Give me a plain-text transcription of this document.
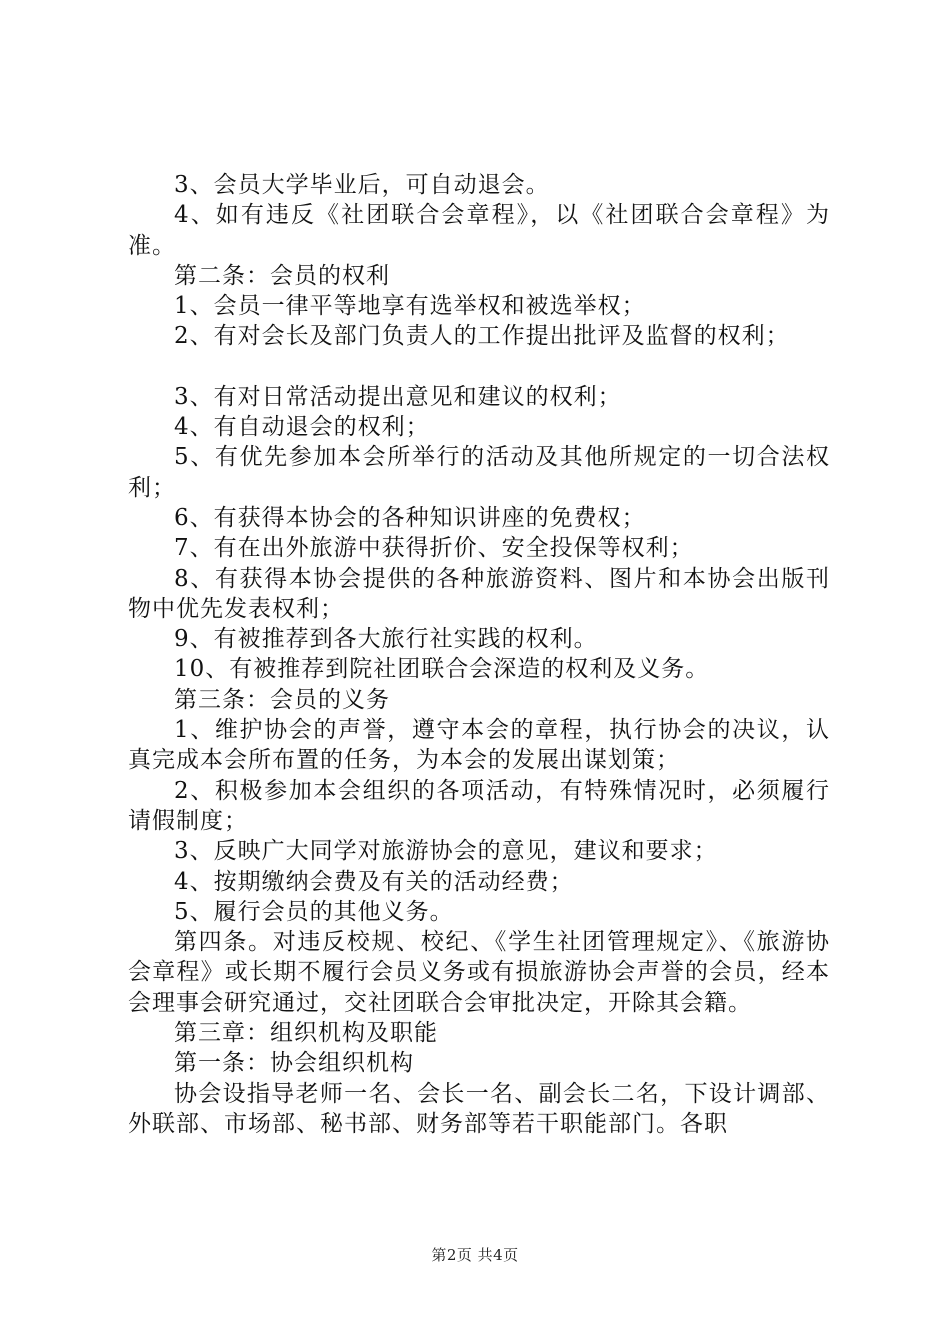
3、会员大学毕业后，可自动退会。

4、如有违反《社团联合会章程》，以《社团联合会章程》为准。

第二条：会员的权利

1、会员一律平等地享有选举权和被选举权；

2、有对会长及部门负责人的工作提出批评及监督的权利；

3、有对日常活动提出意见和建议的权利；

4、有自动退会的权利；

5、有优先参加本会所举行的活动及其他所规定的一切合法权利；

6、有获得本协会的各种知识讲座的免费权；

7、有在出外旅游中获得折价、安全投保等权利；

8、有获得本协会提供的各种旅游资料、图片和本协会出版刊物中优先发表权利；

9、有被推荐到各大旅行社实践的权利。

10、有被推荐到院社团联合会深造的权利及义务。

第三条：会员的义务

1、维护协会的声誉，遵守本会的章程，执行协会的决议，认真完成本会所布置的任务，为本会的发展出谋划策；

2、积极参加本会组织的各项活动，有特殊情况时，必须履行请假制度；

3、反映广大同学对旅游协会的意见，建议和要求；

4、按期缴纳会费及有关的活动经费；

5、履行会员的其他义务。

第四条。对违反校规、校纪、《学生社团管理规定》、《旅游协会章程》或长期不履行会员义务或有损旅游协会声誉的会员，经本会理事会研究通过，交社团联合会审批决定，开除其会籍。

第三章：组织机构及职能

第一条：协会组织机构

协会设指导老师一名、会长一名、副会长二名，下设计调部、外联部、市场部、秘书部、财务部等若干职能部门。各职

第2页 共4页
